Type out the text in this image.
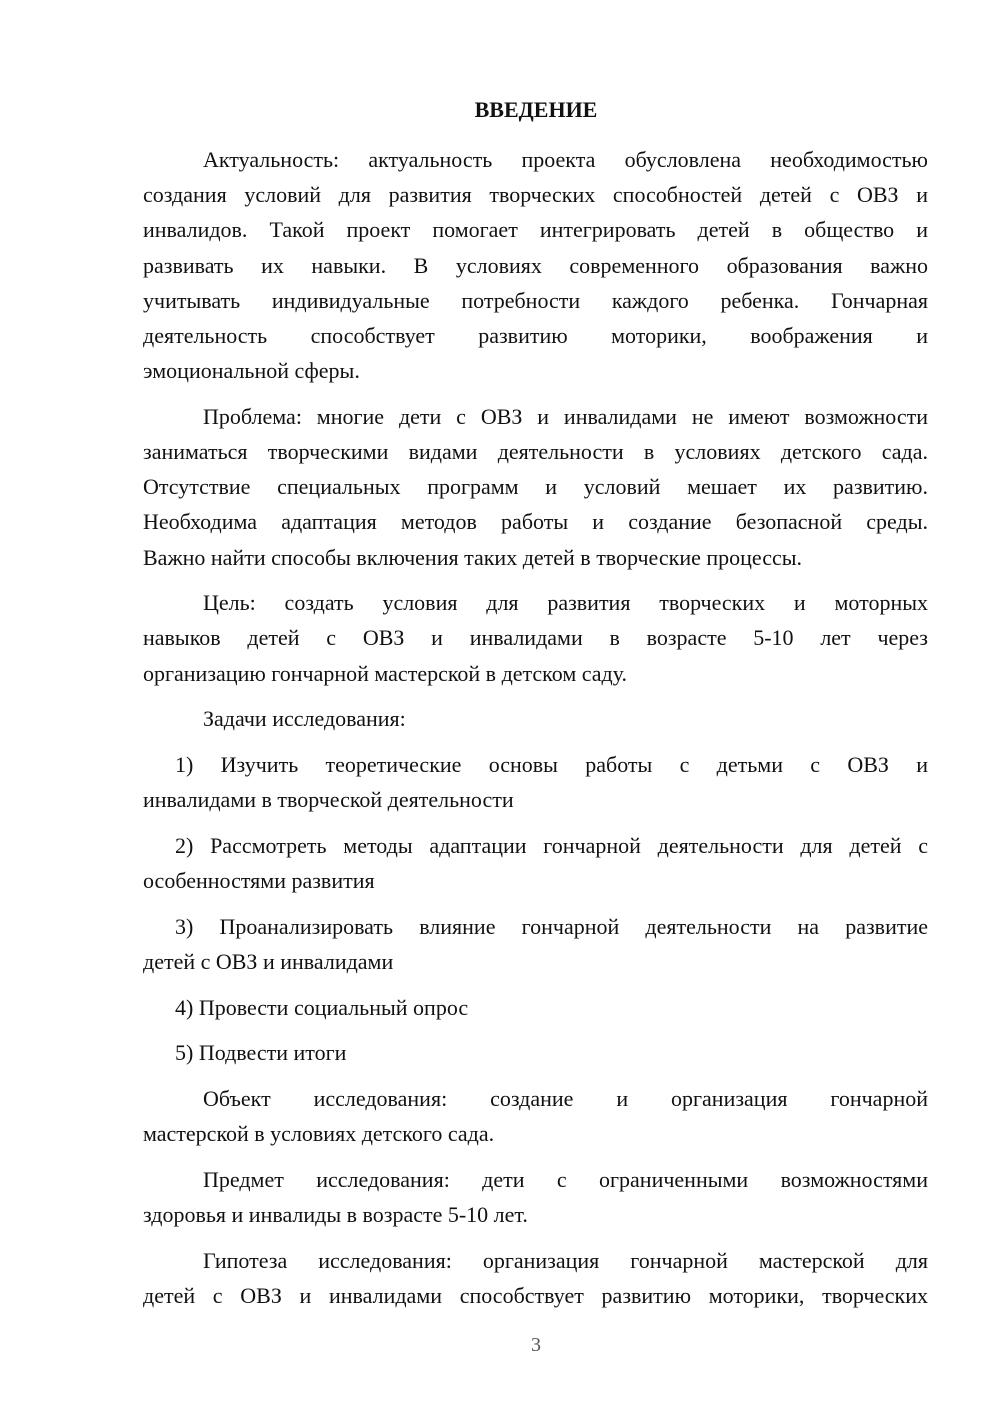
ВВЕДЕНИЕ
Актуальность: актуальность проекта обусловлена необходимостью
создания условий для развития творческих способностей детей с ОВЗ и
инвалидов. Такой проект помогает интегрировать детей в общество и
развивать их навыки. В условиях современного образования важно
учитывать индивидуальные потребности каждого ребенка. Гончарная
деятельность способствует развитию моторики, воображения и
эмоциональной сферы.
Проблема: многие дети с ОВЗ и инвалидами не имеют возможности
заниматься творческими видами деятельности в условиях детского сада.
Отсутствие специальных программ и условий мешает их развитию.
Необходима адаптация методов работы и создание безопасной среды.
Важно найти способы включения таких детей в творческие процессы.
Цель: создать условия для развития творческих и моторных
навыков детей с ОВЗ и инвалидами в возрасте 5-10 лет через
организацию гончарной мастерской в детском саду.
Задачи исследования:
1) Изучить теоретические основы работы с детьми с ОВЗ и
инвалидами в творческой деятельности
2) Рассмотреть методы адаптации гончарной деятельности для детей с
особенностями развития
3) Проанализировать влияние гончарной деятельности на развитие
детей с ОВЗ и инвалидами
4) Провести социальный опрос
5) Подвести итоги
Объект исследования: создание и организация гончарной
мастерской в условиях детского сада.
Предмет исследования: дети с ограниченными возможностями
здоровья и инвалиды в возрасте 5-10 лет.
Гипотеза исследования: организация гончарной мастерской для
детей с ОВЗ и инвалидами способствует развитию моторики, творческих
3
